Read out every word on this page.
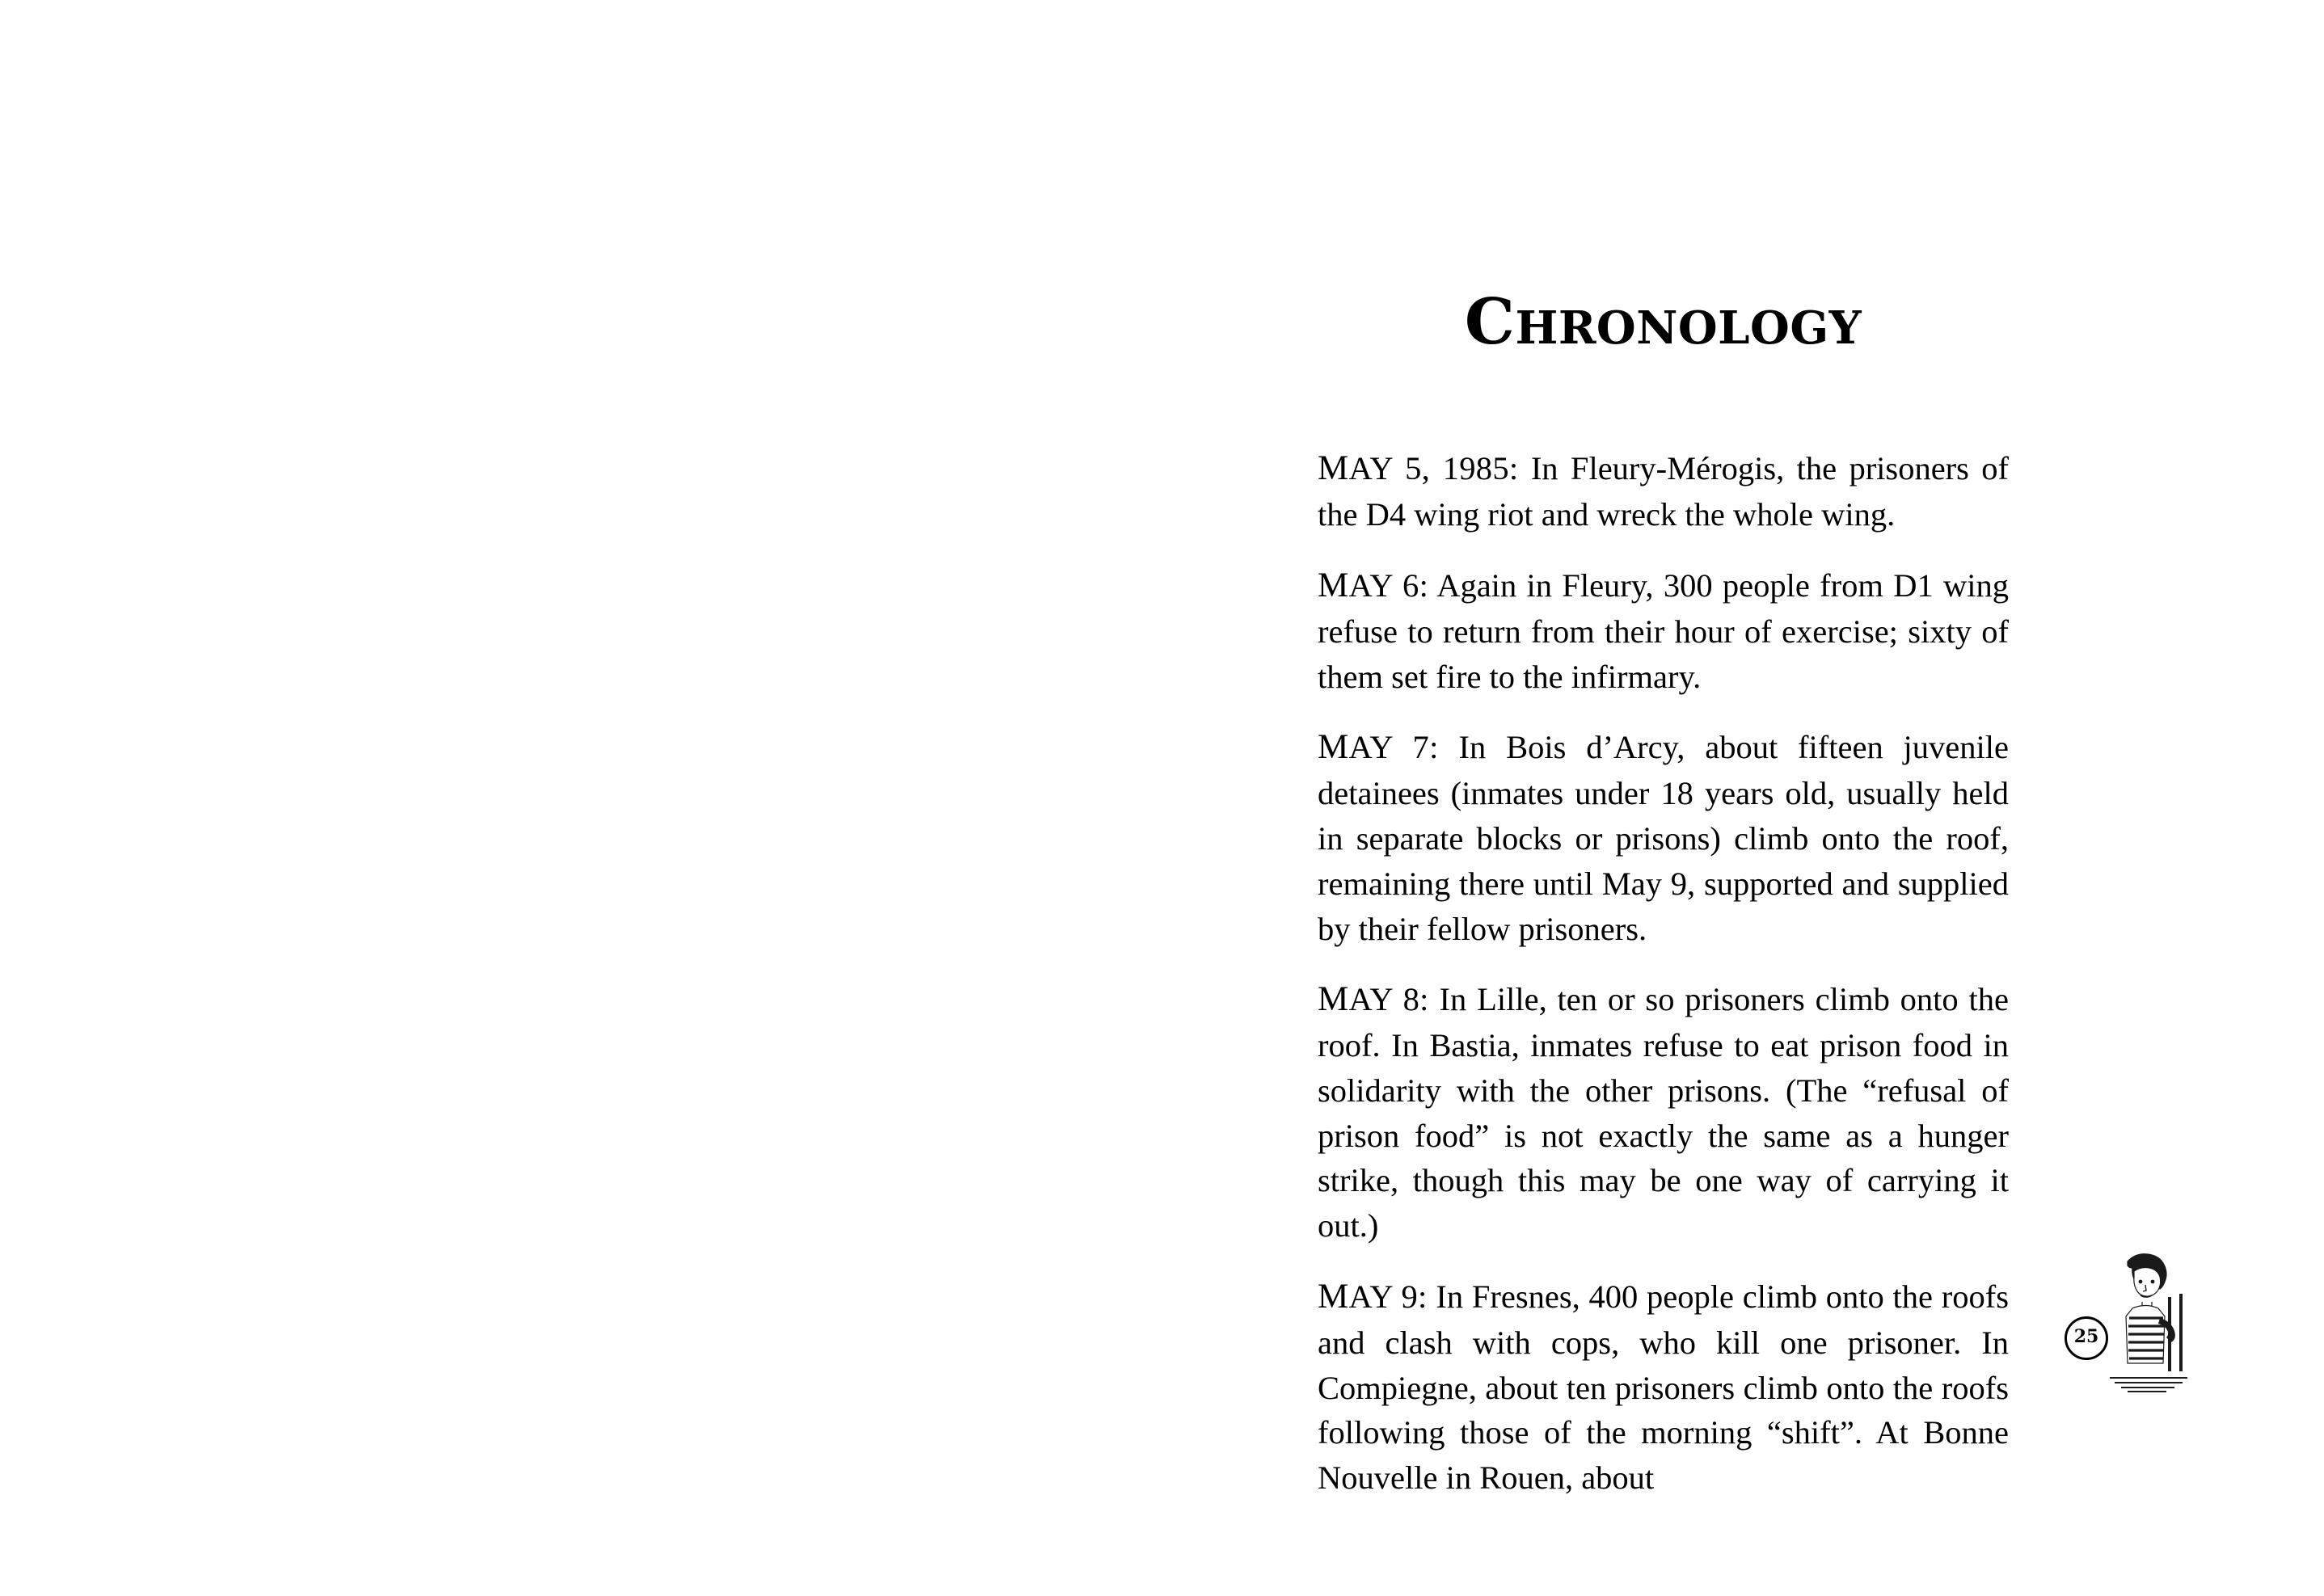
CHRONOLOGY

MAY 5, 1985: In Fleury-Mérogis, the prisoners of the D4 wing riot and wreck the whole wing.

MAY 6: Again in Fleury, 300 people from D1 wing refuse to return from their hour of exercise; sixty of them set fire to the infirmary.

MAY 7: In Bois d’Arcy, about fifteen juvenile detainees (inmates under 18 years old, usually held in separate blocks or prisons) climb onto the roof, remaining there until May 9, supported and supplied by their fellow prisoners.

MAY 8: In Lille, ten or so prisoners climb onto the roof. In Bastia, inmates refuse to eat prison food in solidarity with the other prisons. (The “refusal of prison food” is not exactly the same as a hunger strike, though this may be one way of carrying it out.)

MAY 9: In Fresnes, 400 people climb onto the roofs and clash with cops, who kill one prisoner. In Compiegne, about ten prisoners climb onto the roofs following those of the morning “shift”. At Bonne Nouvelle in Rouen, about

25
